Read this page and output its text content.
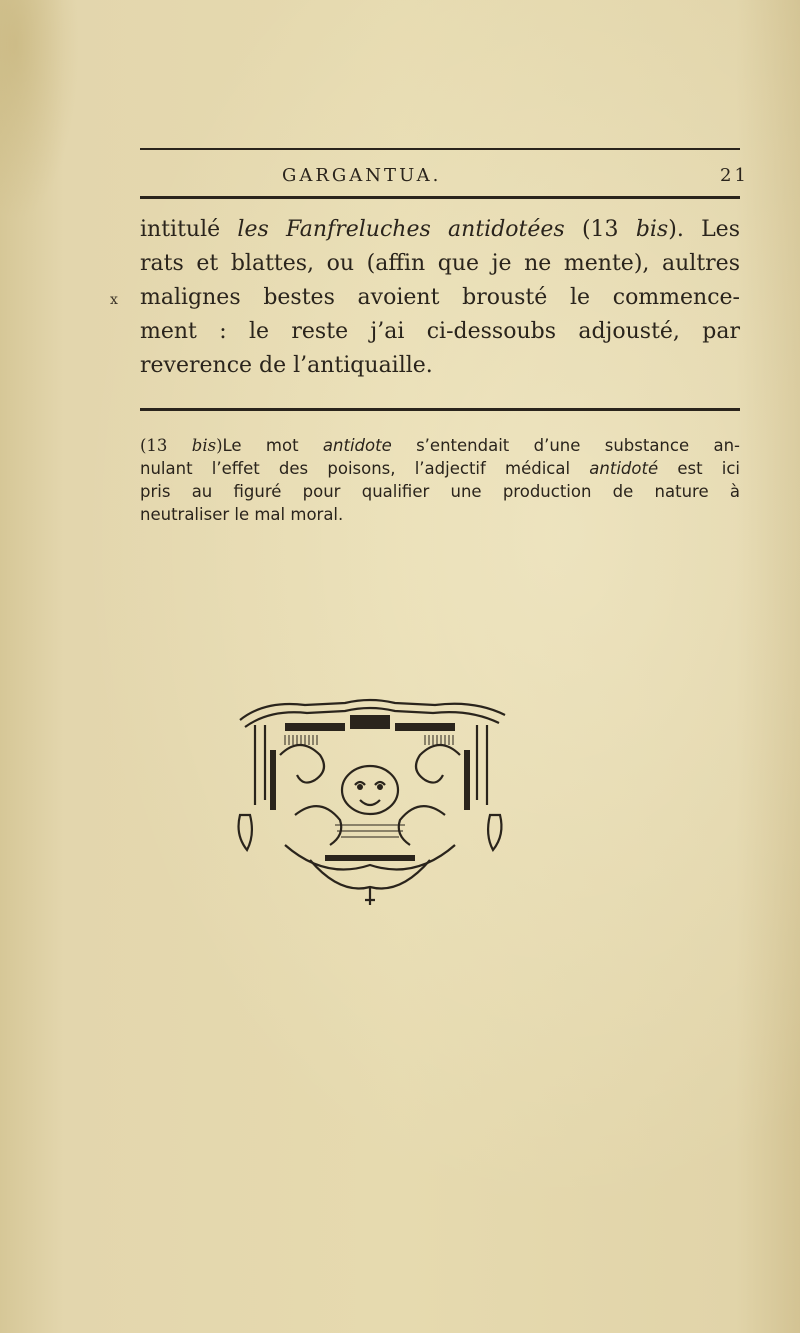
GARGANTUA.	21
x
intitulé les Fanfreluches antidotées (13 bis). Les
rats et blattes, ou (affin que je ne mente), aultres
malignes bestes avoient brousté le commence-
ment : le reste j’ai ci-dessoubs adjousté, par
reverence de l’antiquaille.
(13 bis)Le mot antidote s’entendait d’une substance an-
nulant l’effet des poisons, l’adjectif médical antidoté est ici
pris au figuré pour qualifier une production de nature à
neutraliser le mal moral.
